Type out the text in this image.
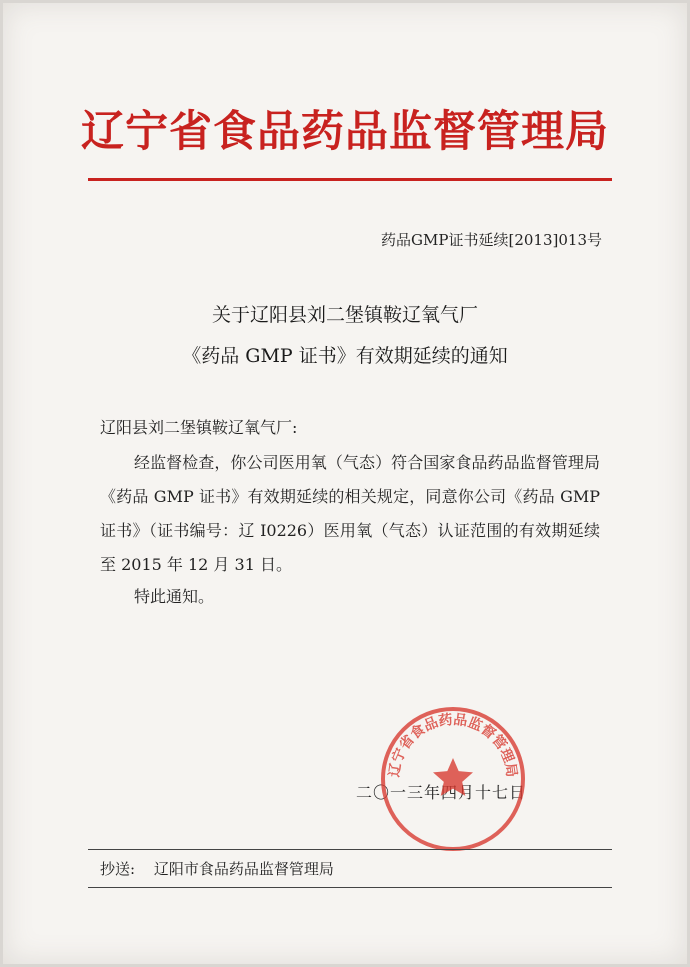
辽宁省食品药品监督管理局
药品GMP证书延续[2013]013号
关于辽阳县刘二堡镇鞍辽氧气厂
《药品 GMP 证书》有效期延续的通知
辽阳县刘二堡镇鞍辽氧气厂:
经监督检查，你公司医用氧（气态）符合国家食品药品监督管理局《药品 GMP 证书》有效期延续的相关规定，同意你公司《药品 GMP 证书》（证书编号：辽 I0226）医用氧（气态）认证范围的有效期延续至 2015 年 12 月 31 日。
特此通知。
二〇一三年四月十七日
辽宁省食品药品监督管理局
抄送: 辽阳市食品药品监督管理局
